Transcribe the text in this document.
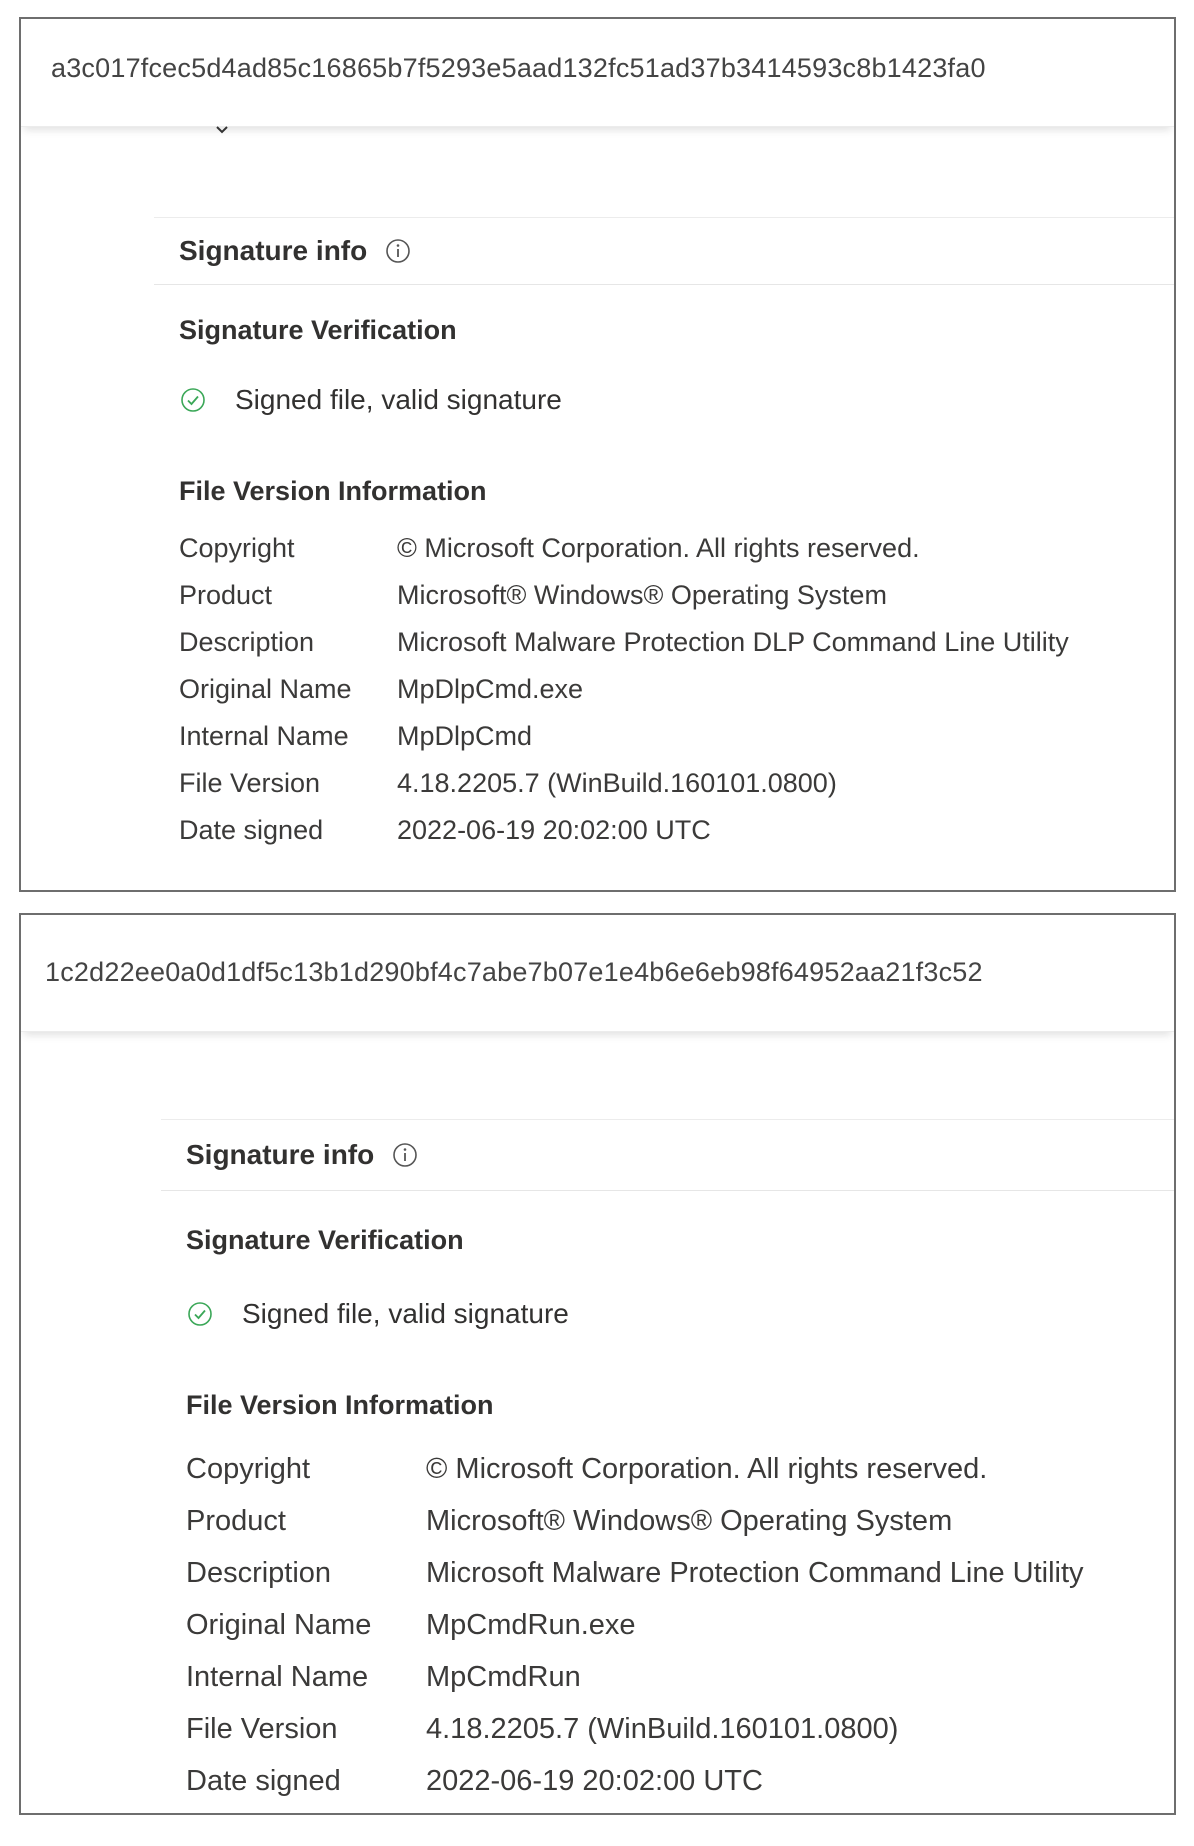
a3c017fcec5d4ad85c16865b7f5293e5aad132fc51ad37b3414593c8b1423fa0
Signature info
Signature Verification
Signed file, valid signature
File Version Information
Copyright	© Microsoft Corporation. All rights reserved.
Product	Microsoft® Windows® Operating System
Description	Microsoft Malware Protection DLP Command Line Utility
Original Name	MpDlpCmd.exe
Internal Name	MpDlpCmd
File Version	4.18.2205.7 (WinBuild.160101.0800)
Date signed	2022-06-19 20:02:00 UTC
1c2d22ee0a0d1df5c13b1d290bf4c7abe7b07e1e4b6e6eb98f64952aa21f3c52
Signature info
Signature Verification
Signed file, valid signature
File Version Information
Copyright	© Microsoft Corporation. All rights reserved.
Product	Microsoft® Windows® Operating System
Description	Microsoft Malware Protection Command Line Utility
Original Name	MpCmdRun.exe
Internal Name	MpCmdRun
File Version	4.18.2205.7 (WinBuild.160101.0800)
Date signed	2022-06-19 20:02:00 UTC
